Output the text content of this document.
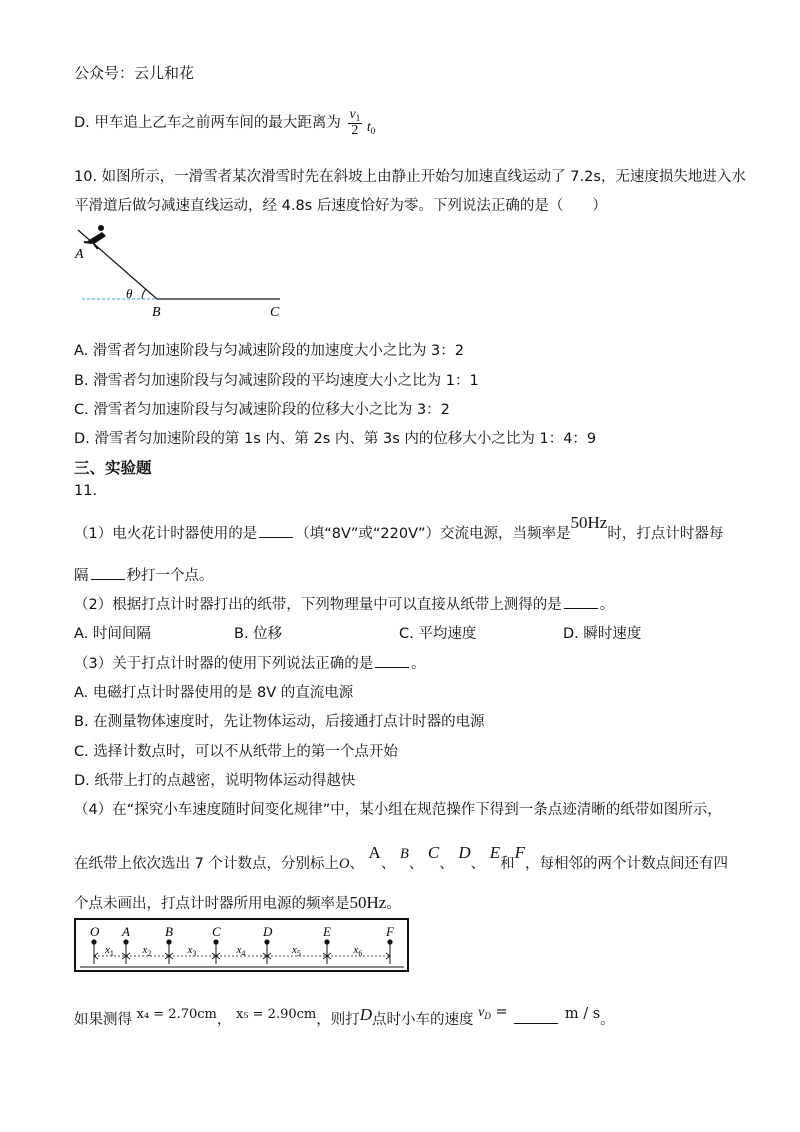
公众号：云儿和花
D. 甲车追上乙车之前两车间的最大距离为 $\frac{v_1}{2} t_0$
10. 如图所示，一滑雪者某次滑雪时先在斜坡上由静止开始匀加速直线运动了 7.2s，无速度损失地进入水
平滑道后做匀减速直线运动，经 4.8s 后速度恰好为零。下列说法正确的是（　　）
θ
A
B	C
A. 滑雪者匀加速阶段与匀减速阶段的加速度大小之比为 3：2
B. 滑雪者匀加速阶段与匀减速阶段的平均速度大小之比为 1：1
C. 滑雪者匀加速阶段与匀减速阶段的位移大小之比为 3：2
D. 滑雪者匀加速阶段的第 1s 内、第 2s 内、第 3s 内的位移大小之比为 1：4：9
三、实验题
11.
（1）电火花计时器使用的是	（填“8V”或“220V”）交流电源，当频率是50Hz时，打点计时器每
隔	秒打一个点。
（2）根据打点计时器打出的纸带，下列物理量中可以直接从纸带上测得的是	。
A. 时间间隔	B. 位移	C. 平均速度	D. 瞬时速度
（3）关于打点计时器的使用下列说法正确的是	。
A. 电磁打点计时器使用的是 8V 的直流电源
B. 在测量物体速度时，先让物体运动，后接通打点计时器的电源
C. 选择计数点时，可以不从纸带上的第一个点开始
D. 纸带上打的点越密，说明物体运动得越快
（4）在“探究小车速度随时间变化规律”中，某小组在规范操作下得到一条点迹清晰的纸带如图所示，
在纸带上依次选出 7 个计数点，分别标上O、 A、 B、 C、 D、 E和F，每相邻的两个计数点间还有四
个点未画出，打点计时器所用电源的频率是50Hz。
O A	B	C	D	E	F
$x_1$	$x_2$	$x_3$	$x_4$	$x_5$	$x_6$
如果测得 x₄ = 2.70cm， x₅ = 2.90cm，则打D点时小车的速度 $v_D$ =	m / s。
